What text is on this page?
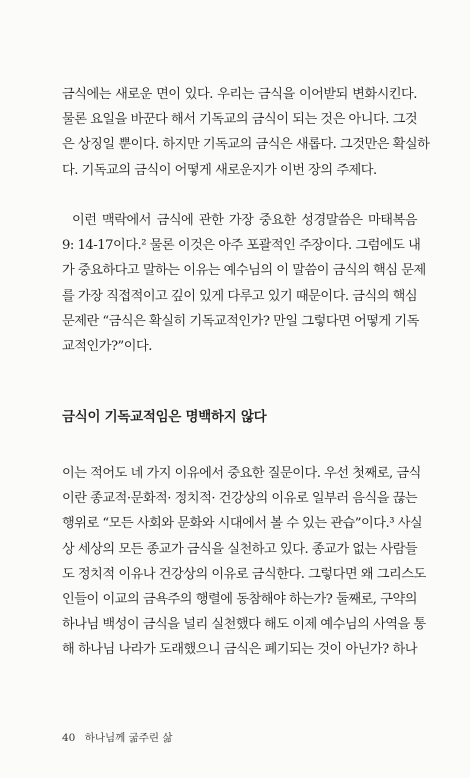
금식에는 새로운 면이 있다. 우리는 금식을 이어받되 변화시킨다.
물론 요일을 바꾼다 해서 기독교의 금식이 되는 것은 아니다. 그것
은 상징일 뿐이다. 하지만 기독교의 금식은 새롭다. 그것만은 확실하
다. 기독교의 금식이 어떻게 새로운지가 이번 장의 주제다.
이런 맥락에서 금식에 관한 가장 중요한 성경말씀은 마태복음
9: 14-17이다.² 물론 이것은 아주 포괄적인 주장이다. 그럼에도 내
가 중요하다고 말하는 이유는 예수님의 이 말씀이 금식의 핵심 문제
를 가장 직접적이고 깊이 있게 다루고 있기 때문이다. 금식의 핵심
문제란 “금식은 확실히 기독교적인가? 만일 그렇다면 어떻게 기독
교적인가?”이다.
금식이 기독교적임은 명백하지 않다
이는 적어도 네 가지 이유에서 중요한 질문이다. 우선 첫째로, 금식
이란 종교적·문화적· 정치적· 건강상의 이유로 일부러 음식을 끊는
행위로 “모든 사회와 문화와 시대에서 볼 수 있는 관습”이다.³ 사실
상 세상의 모든 종교가 금식을 실천하고 있다. 종교가 없는 사람들
도 정치적 이유나 건강상의 이유로 금식한다. 그렇다면 왜 그리스도
인들이 이교의 금욕주의 행렬에 동참해야 하는가? 둘째로, 구약의
하나님 백성이 금식을 널리 실천했다 해도 이제 예수님의 사역을 통
해 하나님 나라가 도래했으니 금식은 폐기되는 것이 아닌가? 하나
40 하나님께 굶주린 삶
